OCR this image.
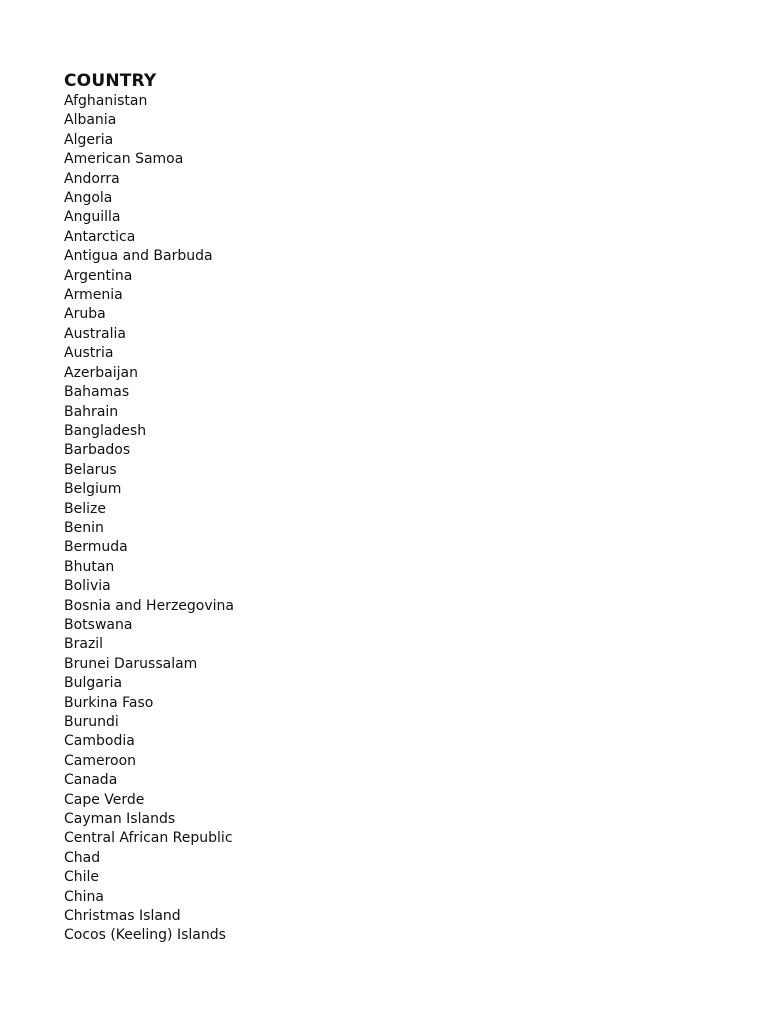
COUNTRY
Afghanistan
Albania
Algeria
American Samoa
Andorra
Angola
Anguilla
Antarctica
Antigua and Barbuda
Argentina
Armenia
Aruba
Australia
Austria
Azerbaijan
Bahamas
Bahrain
Bangladesh
Barbados
Belarus
Belgium
Belize
Benin
Bermuda
Bhutan
Bolivia
Bosnia and Herzegovina
Botswana
Brazil
Brunei Darussalam
Bulgaria
Burkina Faso
Burundi
Cambodia
Cameroon
Canada
Cape Verde
Cayman Islands
Central African Republic
Chad
Chile
China
Christmas Island
Cocos (Keeling) Islands
